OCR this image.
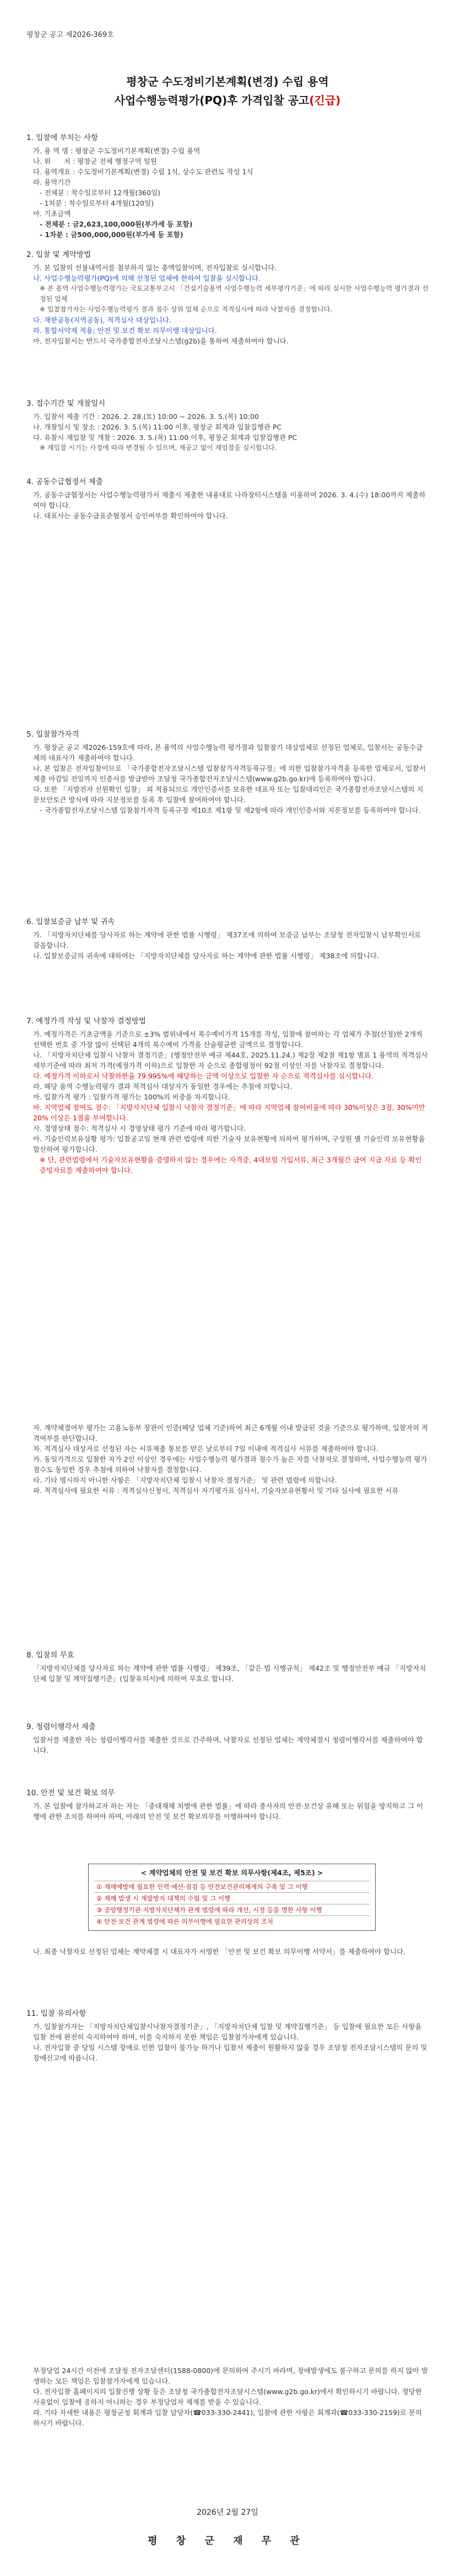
평창군 공고 제2026-369호
평창군 수도정비기본계획(변경) 수립 용역
사업수행능력평가(PQ)후 가격입찰 공고(긴급)

1. 입찰에 부치는 사항

가. 용 역 명 : 평창군 수도정비기본계획(변경) 수립 용역

나. 위      치 : 평창군 전체 행정구역 일원

다. 용역개요 : 수도정비기본계획(변경) 수립 1식, 상수도 관련도 작성 1식

라. 용역기간

- 전체분 : 착수일로부터 12개월(360일)

- 1차분 : 착수일로부터 4개월(120일)

마. 기초금액

- 전체분 : 금2,623,100,000원(부가세 등 포함)

- 1차분 : 금500,000,000원(부가세 등 포함)

2. 입찰 및 계약방법

가. 본 입찰의 선불내역서를 첨부하지 않는 총액입찰이며, 전자입찰로 실시합니다.

나. 사업수행능력평가(PQ)에 의해 선정된 업체에 한하여 입찰을 실시합니다.

※ 본 용역 사업수행능력평가는 국토교통부고시 「건설기술용역 사업수행능력 세부평가기준」에 따라 실시한 사업수행능력 평가결과 선정된 업체

※ 입찰참가자는 사업수행능력평가 결과 점수 상위 업체 순으로 적격심사에 따라 낙찰자를 결정합니다.

다. 재한공동(지역공동), 적격심사 대상입니다.

라. 통합서약제 적용; 안전 및 보건 확보 의무이행 대상입니다.

마. 전자입찰서는 반드시 국가종합전자조달시스템(g2b)을 통하여 제출하여야 합니다.

3. 접수기간 및 개찰일시

가. 입찰서 제출 기간 : 2026. 2. 28.(토) 10:00 ~ 2026. 3. 5.(목) 10:00

나. 개찰일시 및 장소 : 2026. 3. 5.(목) 11:00 이후, 평창군 회계과 입찰집행관 PC

다. 유찰시 재입찰 및 개찰 : 2026. 3. 5.(목) 11:00 이후, 평창군 회계과 입찰집행관 PC

※ 재입찰 시기는 사정에 따라 변경될 수 있으며, 재공고 없이 재입찰을 실시합니다.

4. 공동수급협정서 제출

가. 공동수급협정서는 사업수행능력평가서 제출시 제출한 내용대로 나라장터시스템을 이용하여 2026. 3. 4.(수) 18:00까지 제출하여야 합니다.

나. 대표사는 공동수급표준협정서 승인여부를 확인하여야 합니다.

5. 입찰참가자격

가. 평창군 공고 제2026-159호에 따라, 본 용역의 사업수행능력 평가결과 입찰참가 대상업체로 선정된 업체로, 입찰서는 공동수급체의 대표사가 제출하여야 합니다.

나. 본 입찰은 전자입찰이므로 「국가종합전자조달시스템 입찰참가자격등록규정」에 의한 입찰참가자격을 등록한 업체로서, 입찰서 제출 마감일 전일까지 인증서를 발급받아 조달청 국가종합전자조달시스템(www.g2b.go.kr)에 등록하여야 합니다.

다. 또한 「지방전자 선원확인 입찰」 외 적용되므로 개인인증서를 보유한 대표자 또는 입찰대리인은 국가종합전자조달시스템의 지문보안토큰 방식에 따라 지문정보를 등록 후 입찰에 참여하여야 합니다.

- 국가종합전자조달시스템 입찰참가자격 등록규정 제10조 제1항 및 제2항에 따라 개인인증서와 지문정보를 등록하여야 합니다.

6. 입찰보증금 납부 및 귀속

가. 「지방자치단체를 당사자로 하는 계약에 관한 법률 시행령」 제37조에 의하여 보증금 납부는 조달청 전자입찰시 납부확인서로 갈음합니다.

나. 입찰보증금의 귀속에 대하여는 「지방자치단체를 당사자로 하는 계약에 관한 법률 시행령」 제38조에 의합니다.

7. 예정가격 작성 및 낙찰자 결정방법

가. 예정가격은 기초금액을 기준으로 ±3% 범위내에서 복수예비가격 15개를 작성, 입찰에 참여하는 각 업체가 추첨(선정)한 2개씩 선택한 번호 중 가장 많이 선택된 4개의 복수예비 가격을 산술평균한 금액으로 결정합니다.

나. 「지방자치단체 입찰시 낙찰자 결정기준」(행정안전부 예규 제44호, 2025.11.24.) 제2장 제2절 제1항 별표 1 용역의 적격심사 세부기준에 따라 최저 가격(예정가격 이하)으로 입찰한 자 순으로 종합평점이 92점 이상인 자를 낙찰자로 결정합니다.

다. 예정가격 이하로서 낙찰하한율 79.995%에 해당하는 금액 이상으로 입찰한 자 순으로 적격심사를 실시합니다.

라. 해당 용역 수행능력평가 결과 적격심사 대상자가 동일한 경우에는 추첨에 의합니다.

마. 입찰가격 평가 : 입찰가격 평가는 100%의 비중을 차지합니다.

바. 지역업체 참여도 점수: 「지방자치단체 입찰시 낙찰자 결정기준」에 따라 지역업체 참여비율에 따라 30%이상은 3점, 30%미만 20% 이상은 1점을 부여합니다.

사. 경영상태 점수: 적격심사 시 경영상태 평가 기준에 따라 평가합니다.

아. 기술인력보유상황 평가: 입찰공고일 현재 관련 법령에 의한 기술자 보유현황에 의하여 평가하며, 구성원 별 기술인력 보유현황을 합산하여 평가합니다.

※ 단, 관련법령에서 기술자보유현황을 증명하지 않는 경우에는 자격증, 4대보험 가입서류, 최근 3개월간 급여 지급 자료 등 확인 증빙자료를 제출하여야 합니다.

자. 계약체결여부 평가는 고용노동부 장관이 인증(해당 업체 기준)하여 최근 6개월 이내 발급된 것을 기준으로 평가하며, 입찰자의 적격여부를 판단합니다.

차. 적격심사 대상자로 선정된 자는 서류제출 통보를 받은 날로부터 7일 이내에 적격심사 서류를 제출하여야 합니다.

카. 동일가격으로 입찰한 자가 2인 이상인 경우에는 사업수행능력 평가결과 점수가 높은 자를 낙찰자로 결정하며, 사업수행능력 평가점수도 동일한 경우 추첨에 의하여 낙찰자를 결정합니다.

타. 기타 명시하지 아니한 사항은 「지방자치단체 입찰시 낙찰자 결정기준」 및 관련 법령에 의합니다.

파. 적격심사에 필요한 서류 : 적격심사신청서, 적격심사 자기평가표 심사서, 기술자보유현황서 및 기타 심사에 필요한 서류

8. 입찰의 무효

「지방자치단체를 당사자로 하는 계약에 관한 법률 시행령」 제39조, 「같은 법 시행규칙」 제42조 및 행정안전부 예규 「지방자치단체 입찰 및 계약집행기준」(입찰유의서)에 의하여 무효로 합니다.

9. 청렴이행각서 제출

입찰서를 제출한 자는 청렴이행각서를 제출한 것으로 간주하며, 낙찰자로 선정된 업체는 계약체결시 청렴이행각서를 제출하여야 합니다.

10. 안전 및 보건 확보 의무

가. 본 입찰에 참가하고자 하는 자는 「중대재해 처벌에 관한 법률」에 따라 종사자의 안전·보건상 유해 또는 위험을 방지하고 그 이행에 관한 조치를 하여야 하며, 아래의 안전 및 보건 확보의무를 이행하여야 합니다.

< 계약업체의 안전 및 보건 확보 의무사항(제4조, 제5조) >

① 재해예방에 필요한 인력·예산·점검 등 안전보건관리체계의 구축 및 그 이행
② 재해 발생 시 재발방지 대책의 수립 및 그 이행
③ 중앙행정기관·지방자치단체가 관계 법령에 따라 개선, 시정 등을 명한 사항 이행
④ 안전·보건 관계 법령에 따른 의무이행에 필요한 관리상의 조치

나. 최종 낙찰자로 선정된 업체는 계약체결 시 대표자가 서명한 「안전 및 보건 확보 의무이행 서약서」를 제출하여야 합니다.

11. 입찰 유의사항

가. 입찰참가자는 「지방자치단체입찰시낙찰자결정기준」, 「지방자치단체 입찰 및 계약집행기준」 등 입찰에 필요한 모든 사항을 입찰 전에 완전히 숙지하여야 하며, 이를 숙지하지 못한 책임은 입찰참가자에게 있습니다.

나. 전자입찰 중 당일 시스템 장애로 인한 입찰이 불가능 하거나 입찰서 제출이 원활하지 않을 경우 조달청 전자조달시스템의 문의 및 장애신고에 따릅니다.

부정당업 24시간 이전에 조달청 전자조달센터(1588-0800)에 문의하여 주시기 바라며, 장애발생에도 불구하고 문의를 하지 않아 발생하는 모든 책임은 입찰참가자에게 있습니다.

다. 전자입찰 홈페이지의 입찰진행 상황 등은 조달청 국가종합전자조달시스템(www.g2b.go.kr)에서 확인하시기 바랍니다. 정당한 사유없이 입찰에 응하지 아니하는 경우 부정당업자 제재를 받을 수 있습니다.

라. 기타 자세한 내용은 평창군청 회계과 입찰 담당자(☎033-330-2441), 입찰에 관한 사항은 회계과(☎033-330-2159)로 문의하시기 바랍니다.

2026년 2월 27일
평 창 군 재 무 관
